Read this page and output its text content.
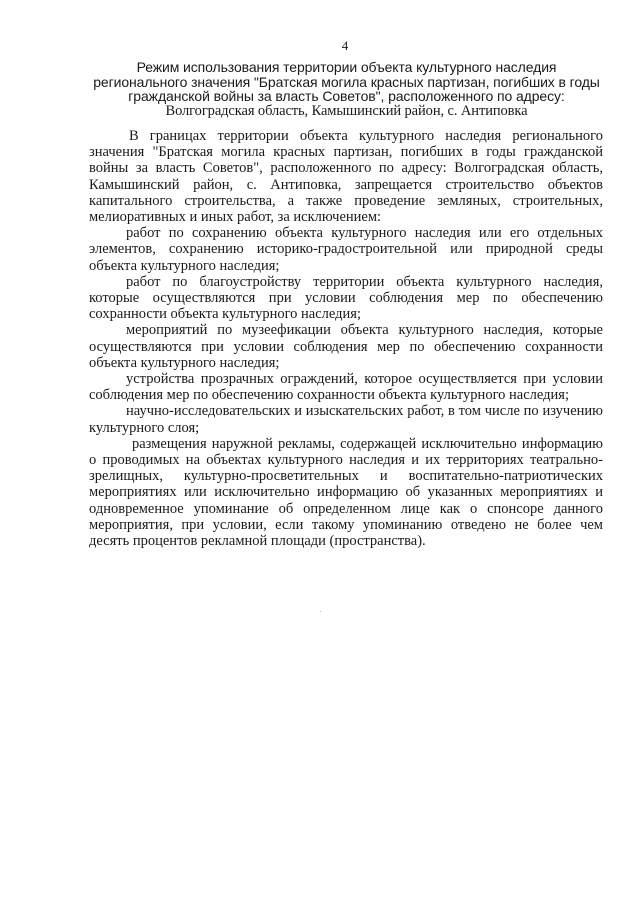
4
Режим использования территории объекта культурного наследия
регионального значения "Братская могила красных партизан, погибших в годы
гражданской войны за власть Советов", расположенного по адресу:
Волгоградская область, Камышинский район, с. Антиповка

В границах территории объекта культурного наследия регионального значения "Братская могила красных партизан, погибших в годы гражданской войны за власть Советов", расположенного по адресу: Волгоградская область, Камышинский район, с. Антиповка, запрещается строительство объектов капитального строительства, а также проведение земляных, строительных, мелиоративных и иных работ, за исключением:

работ по сохранению объекта культурного наследия или его отдельных элементов, сохранению историко-градостроительной или природной среды объекта культурного наследия;

работ по благоустройству территории объекта культурного наследия, которые осуществляются при условии соблюдения мер по обеспечению сохранности объекта культурного наследия;

мероприятий по музеефикации объекта культурного наследия, которые осуществляются при условии соблюдения мер по обеспечению сохранности объекта культурного наследия;

устройства прозрачных ограждений, которое осуществляется при условии соблюдения мер по обеспечению сохранности объекта культурного наследия;

научно-исследовательских и изыскательских работ, в том числе по изучению культурного слоя;

размещения наружной рекламы, содержащей исключительно информацию о проводимых на объектах культурного наследия и их территориях театрально-зрелищных, культурно-просветительных и воспитательно-патриотических мероприятиях или исключительно информацию об указанных мероприятиях и одновременное упоминание об определенном лице как о спонсоре данного мероприятия, при условии, если такому упоминанию отведено не более чем десять процентов рекламной площади (пространства).
